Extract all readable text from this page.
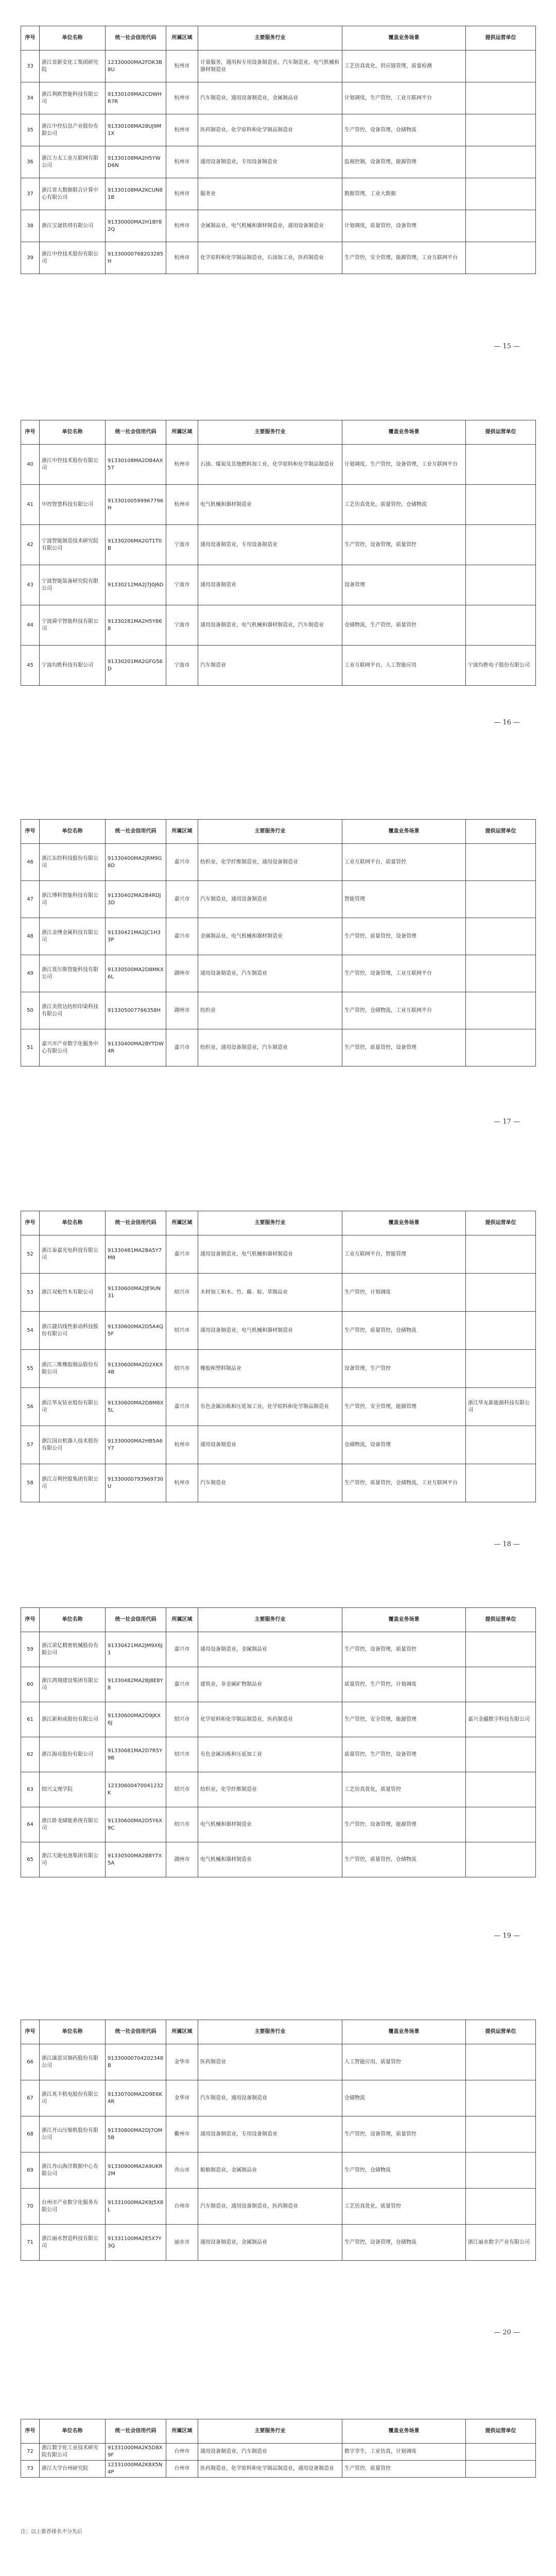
序号	单位名称	统一社会信用代码	所属区域	主要服务行业	覆盖业务场景	提供运营单位
33	浙江省新安化工集团研究院	12330000MA2FDK3B8U	杭州市	计量服务，通用和专用设备制造业，汽车制造业，电气机械和器材制造业	工艺仿真优化，供应链管理，质量检测	
34	浙江利欧智能科技有限公司	91330109MA2CDWHR7R	杭州市	汽车制造业，通用设备制造业，金属制品业	计划调度，生产管控，工业互联网平台	
35	浙江中控信息产业股份有限公司	91330108MA28UJ9M1X	杭州市	医药制造业，化学原料和化学制品制造业	生产管控，设备管理，仓储物流	
36	浙江力太工业互联网有限公司	91330108MA2H5YWD6N	杭州市	通用设备制造业，专用设备制造业	监视控制，设备管理，能源管理	
37	浙江省大数据联合计算中心有限公司	91330108MA2KCUN81B	杭州市	服务业	数据管理，工业大数据	
38	浙江宝晟铁塔有限公司	91330000MA2H1BY82Q	杭州市	金属制品业，电气机械和器材制造业，通用设备制造业	计划调度，质量管控，设备管理	
39	浙江中控技术股份有限公司	91330000768203285H	杭州市	化学原料和化学制品制造业，石油加工业，医药制造业	生产管控，安全管理，能源管理，工业互联网平台	
— 15 —
序号	单位名称	统一社会信用代码	所属区域	主要服务行业	覆盖业务场景	提供运营单位
40	浙江中控技术股份有限公司	91330108MA2DB4AX57	杭州市	石油、煤炭及其他燃料加工业，化学原料和化学制品制造业	计划调度，生产管控，设备管理，工业互联网平台	
41	中控智慧科技有限公司	91330100599967796H	杭州市	电气机械和器材制造业	工艺仿真优化，质量管控，仓储物流	
42	宁波智能制造技术研究院有限公司	91330206MA2GT1T0B	宁波市	通用设备制造业，专用设备制造业	生产管控，设备管理，质量管控	
43	宁波智能装备研究院有限公司	91330212MA2J7J0J6D	宁波市	通用设备制造业	设备管理	
44	宁波舜宇智能科技有限公司	91330281MA2H5Y868	宁波市	通用设备制造业，电气机械和器材制造业，汽车制造业	仓储物流，生产管控，质量管控	
45	宁波均胜科技有限公司	91330201MA2GFG56D	宁波市	汽车制造业	工业互联网平台，人工智能应用	宁波均胜电子股份有限公司
— 16 —
序号	单位名称	统一社会信用代码	所属区域	主要服务行业	覆盖业务场景	提供运营单位
46	浙江东经科技股份有限公司	91330400MA2JRM9G8D	嘉兴市	纺织业，化学纤维制造业，通用设备制造业	工业互联网平台，质量管控	
47	浙江博科智能科技有限公司	91330402MA2B4RDJ3D	嘉兴市	汽车制造业，通用设备制造业	智能管理	
48	浙江金博金属科技有限公司	91330421MA2JC1H33P	嘉兴市	金属制品业，电气机械和器材制造业	生产管控，质量管控，设备管理	
49	浙江莫尔斯智能科技有限公司	91330500MA2D8MKX6L	湖州市	通用设备制造业，汽车制造业	生产管控，设备管理，工业互联网平台	
50	浙江美欣达纺织印染科技有限公司	913305007766358H	湖州市	纺织业	生产管控，仓储物流，工业互联网平台	
51	嘉兴市产业数字化服务中心有限公司	91330400MA2BYTDW4R	嘉兴市	纺织业，通用设备制造业，汽车制造业	生产管控，质量管控，设备管理	
— 17 —
序号	单位名称	统一社会信用代码	所属区域	主要服务行业	覆盖业务场景	提供运营单位
52	浙江泰嘉光电科技有限公司	91330481MA2BA5Y7M8	嘉兴市	通用设备制造业，电气机械和器材制造业	工业互联网平台，智能管理	
53	浙江双枪竹木有限公司	91330600MA2JE9UN31	绍兴市	木材加工和木、竹、藤、棕、草制品业	生产管控，计划调度	
54	浙江捷昌线性驱动科技股份有限公司	91330600MA2D5A4Q5F	绍兴市	通用设备制造业，电气机械和器材制造业	生产管控，质量管控，仓储物流	
55	浙江三维橡胶制品股份有限公司	91330600MA2D2XKX4B	绍兴市	橡胶和塑料制品业	设备管理，生产管控	
56	浙江华友钴业股份有限公司	91330600MA2D8M8X5L	嘉兴市	有色金属冶炼和压延加工业，化学原料和化学制品制造业	生产管控，安全管理，能源管理	浙江华友新能源科技有限公司
57	浙江国自机器人技术股份有限公司	91330000MA2HB5A6Y7	杭州市	通用设备制造业	仓储物流，设备管理	
58	浙江吉利控股集团有限公司	91330000793969730U	杭州市	汽车制造业	生产管控，质量管控，仓储物流，工业互联网平台	
— 18 —
序号	单位名称	统一社会信用代码	所属区域	主要服务行业	覆盖业务场景	提供运营单位
59	浙江荣亿精密机械股份有限公司	91330421MA2JM9X6J1	嘉兴市	通用设备制造业，金属制品业	生产管控，设备管理，质量管控	
60	浙江鸿翔建设集团有限公司	91330482MA2BJ8E8Y8	嘉兴市	建筑业，非金属矿物制品业	质量管控，生产管控，计划调度	
61	浙江新和成股份有限公司	91330600MA2D9JKX6J	绍兴市	化学原料和化学制品制造业，医药制造业	生产管控，安全管理，能源管理	嘉兴金疆数字科技有限公司
62	浙江海亮股份有限公司	91330681MA2D7R5Y9B	绍兴市	有色金属冶炼和压延加工业	质量管控，生产管控，设备管理	
63	绍兴文理学院	12330600470041232K	绍兴市	纺织业，化学纤维制造业	工艺仿真优化，质量管控	
64	浙江卧龙储能系统有限公司	91330600MA2D5Y6X9C	绍兴市	电气机械和器材制造业	生产管控，设备管理，能源管理	
65	浙江天能电池集团有限公司	91330500MA2B8Y7X5A	湖州市	电气机械和器材制造业	生产管控，质量管控，仓储物流	
— 19 —
序号	单位名称	统一社会信用代码	所属区域	主要服务行业	覆盖业务场景	提供运营单位
66	浙江康恩贝制药股份有限公司	91330000704202348B	金华市	医药制造业	人工智能应用，质量管控	
67	浙江兆丰机电股份有限公司	91330700MA2D9E6K4R	金华市	汽车制造业，通用设备制造业	仓储物流	
68	浙江开山压缩机股份有限公司	91330800MA2DJ7QM5B	衢州市	通用设备制造业，专用设备制造业	生产管控，设备管理，质量管控	
69	浙江舟山海洋数据中心有限公司	91330900MA2A9UKR2M	舟山市	船舶制造业，金属制品业	生产管控，仓储物流	
70	台州市产业数字化服务有限公司	91331000MA2K9J5X8L	台州市	汽车制造业，通用设备制造业，医药制造业	工艺仿真优化，质量管控	
71	浙江丽水智造科技有限公司	91331100MA2E5X7Y3Q	丽水市	通用设备制造业，金属制品业	生产管控，设备管理，仓储物流	浙江丽水数字产业有限公司
— 20 —
序号	单位名称	统一社会信用代码	所属区域	主要服务行业	覆盖业务场景	提供运营单位
72	浙江数字化工业技术研究院有限公司	91331000MA2K5D8X9F	台州市	通用设备制造业，汽车制造业	数字孪生，工业仿真，计划调度	
73	浙江大学台州研究院	12331000MA2K8X5N4P	台州市	医药制造业，化学原料和化学制品制造业，通用设备制造业	生产管控，质量管控	
注：以上推荐排名不分先后
